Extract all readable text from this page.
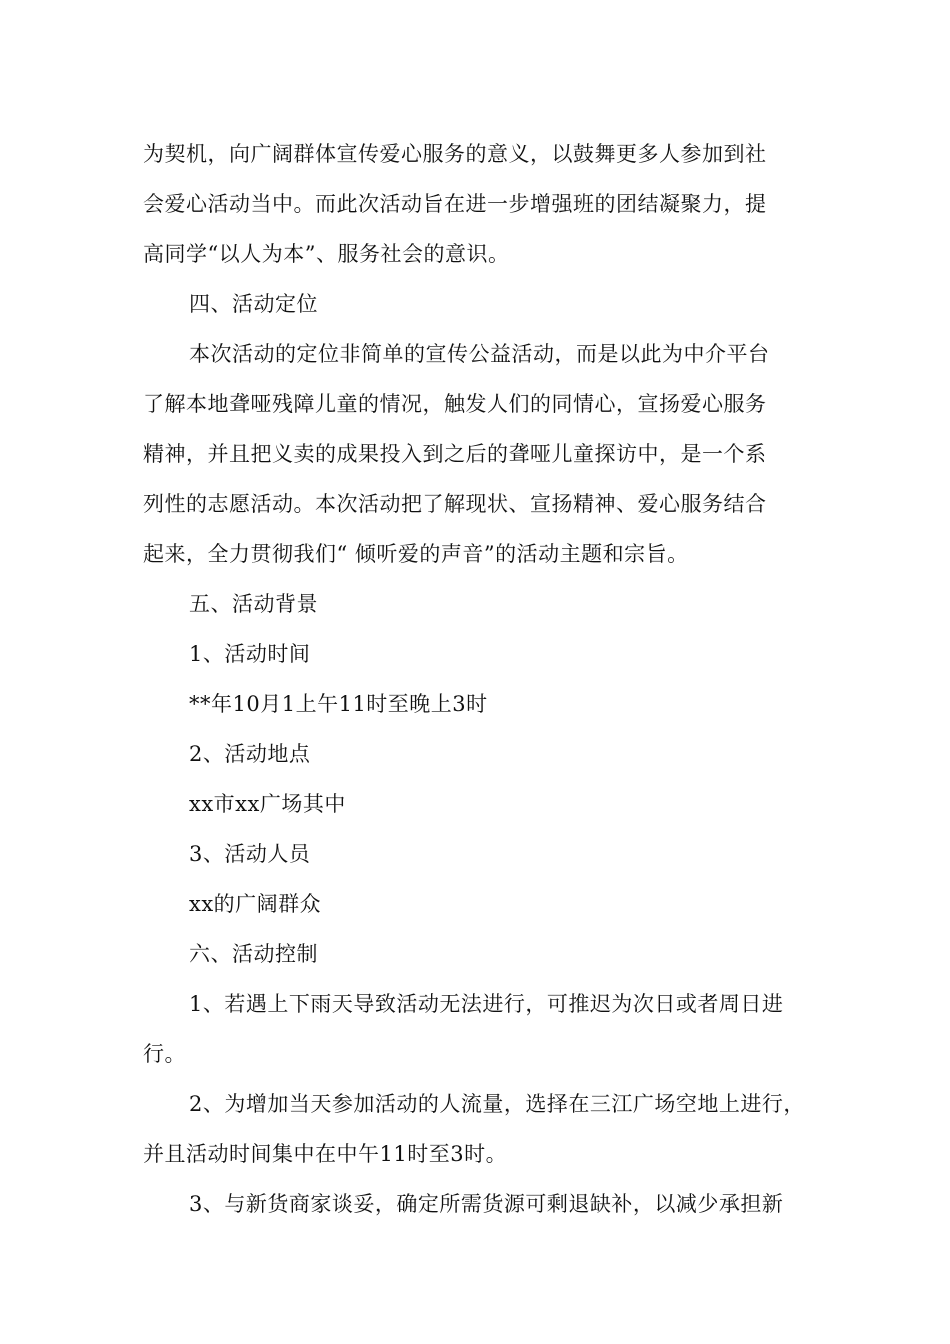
为契机，向广阔群体宣传爱心服务的意义，以鼓舞更多人参加到社

会爱心活动当中。而此次活动旨在进一步增强班的团结凝聚力，提

高同学“以人为本”、服务社会的意识。

四、活动定位

本次活动的定位非简单的宣传公益活动，而是以此为中介平台

了解本地聋哑残障儿童的情况，触发人们的同情心，宣扬爱心服务

精神，并且把义卖的成果投入到之后的聋哑儿童探访中，是一个系

列性的志愿活动。本次活动把了解现状、宣扬精神、爱心服务结合

起来，全力贯彻我们“ 倾听爱的声音”的活动主题和宗旨。

五、活动背景

1、活动时间

**年10月1上午11时至晚上3时

2、活动地点

xx市xx广场其中

3、活动人员

xx的广阔群众

六、活动控制

1、若遇上下雨天导致活动无法进行，可推迟为次日或者周日进

行。

2、为增加当天参加活动的人流量，选择在三江广场空地上进行，

并且活动时间集中在中午11时至3时。

3、与新货商家谈妥，确定所需货源可剩退缺补，以减少承担新
